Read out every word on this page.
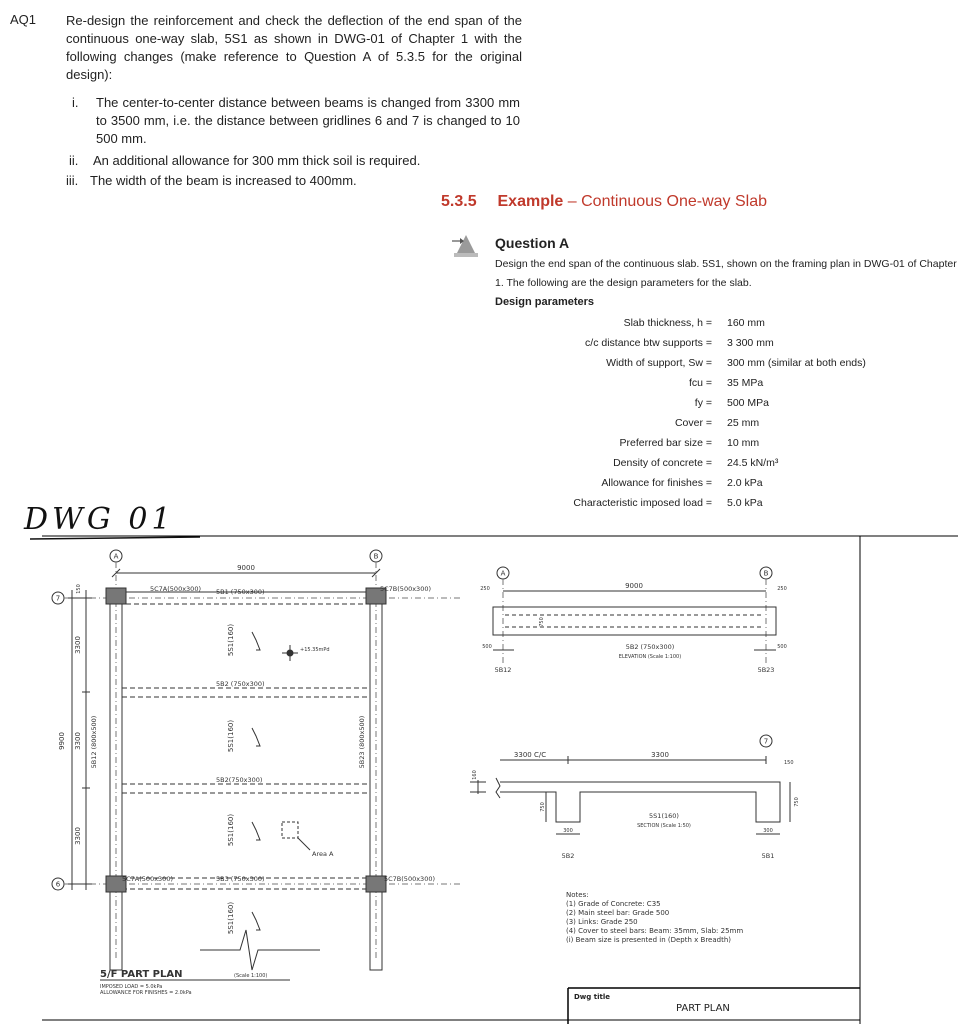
AQ1 Re-design the reinforcement and check the deflection of the end span of the continuous one-way slab, 5S1 as shown in DWG-01 of Chapter 1 with the following changes (make reference to Question A of 5.3.5 for the original design):
i. The center-to-center distance between beams is changed from 3300 mm to 3500 mm, i.e. the distance between gridlines 6 and 7 is changed to 10 500 mm.
ii. An additional allowance for 300 mm thick soil is required.
iii. The width of the beam is increased to 400mm.
5.3.5 Example – Continuous One-way Slab
Question A
Design the end span of the continuous slab. 5S1, shown on the framing plan in DWG-01 of Chapter 1. The following are the design parameters for the slab.
Design parameters
Slab thickness, h = 160 mm
c/c distance btw supports = 3 300 mm
Width of support, Sw = 300 mm (similar at both ends)
fcu = 35 MPa
fy = 500 MPa
Cover = 25 mm
Preferred bar size = 10 mm
Density of concrete = 24.5 kN/m³
Allowance for finishes = 2.0 kPa
Characteristic imposed load = 5.0 kPa
DWG 01
A	B
7
6
9000
5C7A(500x300) 5B1 (750x300)	5C7B(500x300)
5B2 (750x300)
5B2(750x300)
5C7A(500x300)	5B3 (750x300)	5C7B(500x300)
+15.35mPd
Area A
5/F PART PLAN	(Scale 1:100)
IMPOSED LOAD = 5.0kPa
ALLOWANCE FOR FINISHES = 2.0kPa
9900
3300
3300
3300
150
5B12 (800x500)	5B23 (800x500)
5S1(160)
5S1(160)
5S1(160)
5S1(160)
A	B
9000
250	250
500	500
5B2 (750x300)
ELEVATION (Scale 1:100)
5B12	5B23
750
7
3300 C/C	3300
150
5S1(160)
SECTION (Scale 1:50)
300	300
5B2	5B1
160
750
750
Notes:
(1) Grade of Concrete: C35
(2) Main steel bar: Grade 500
(3) Links: Grade 250
(4) Cover to steel bars: Beam: 35mm, Slab: 25mm
(i) Beam size is presented in (Depth x Breadth)
Dwg title
PART PLAN
